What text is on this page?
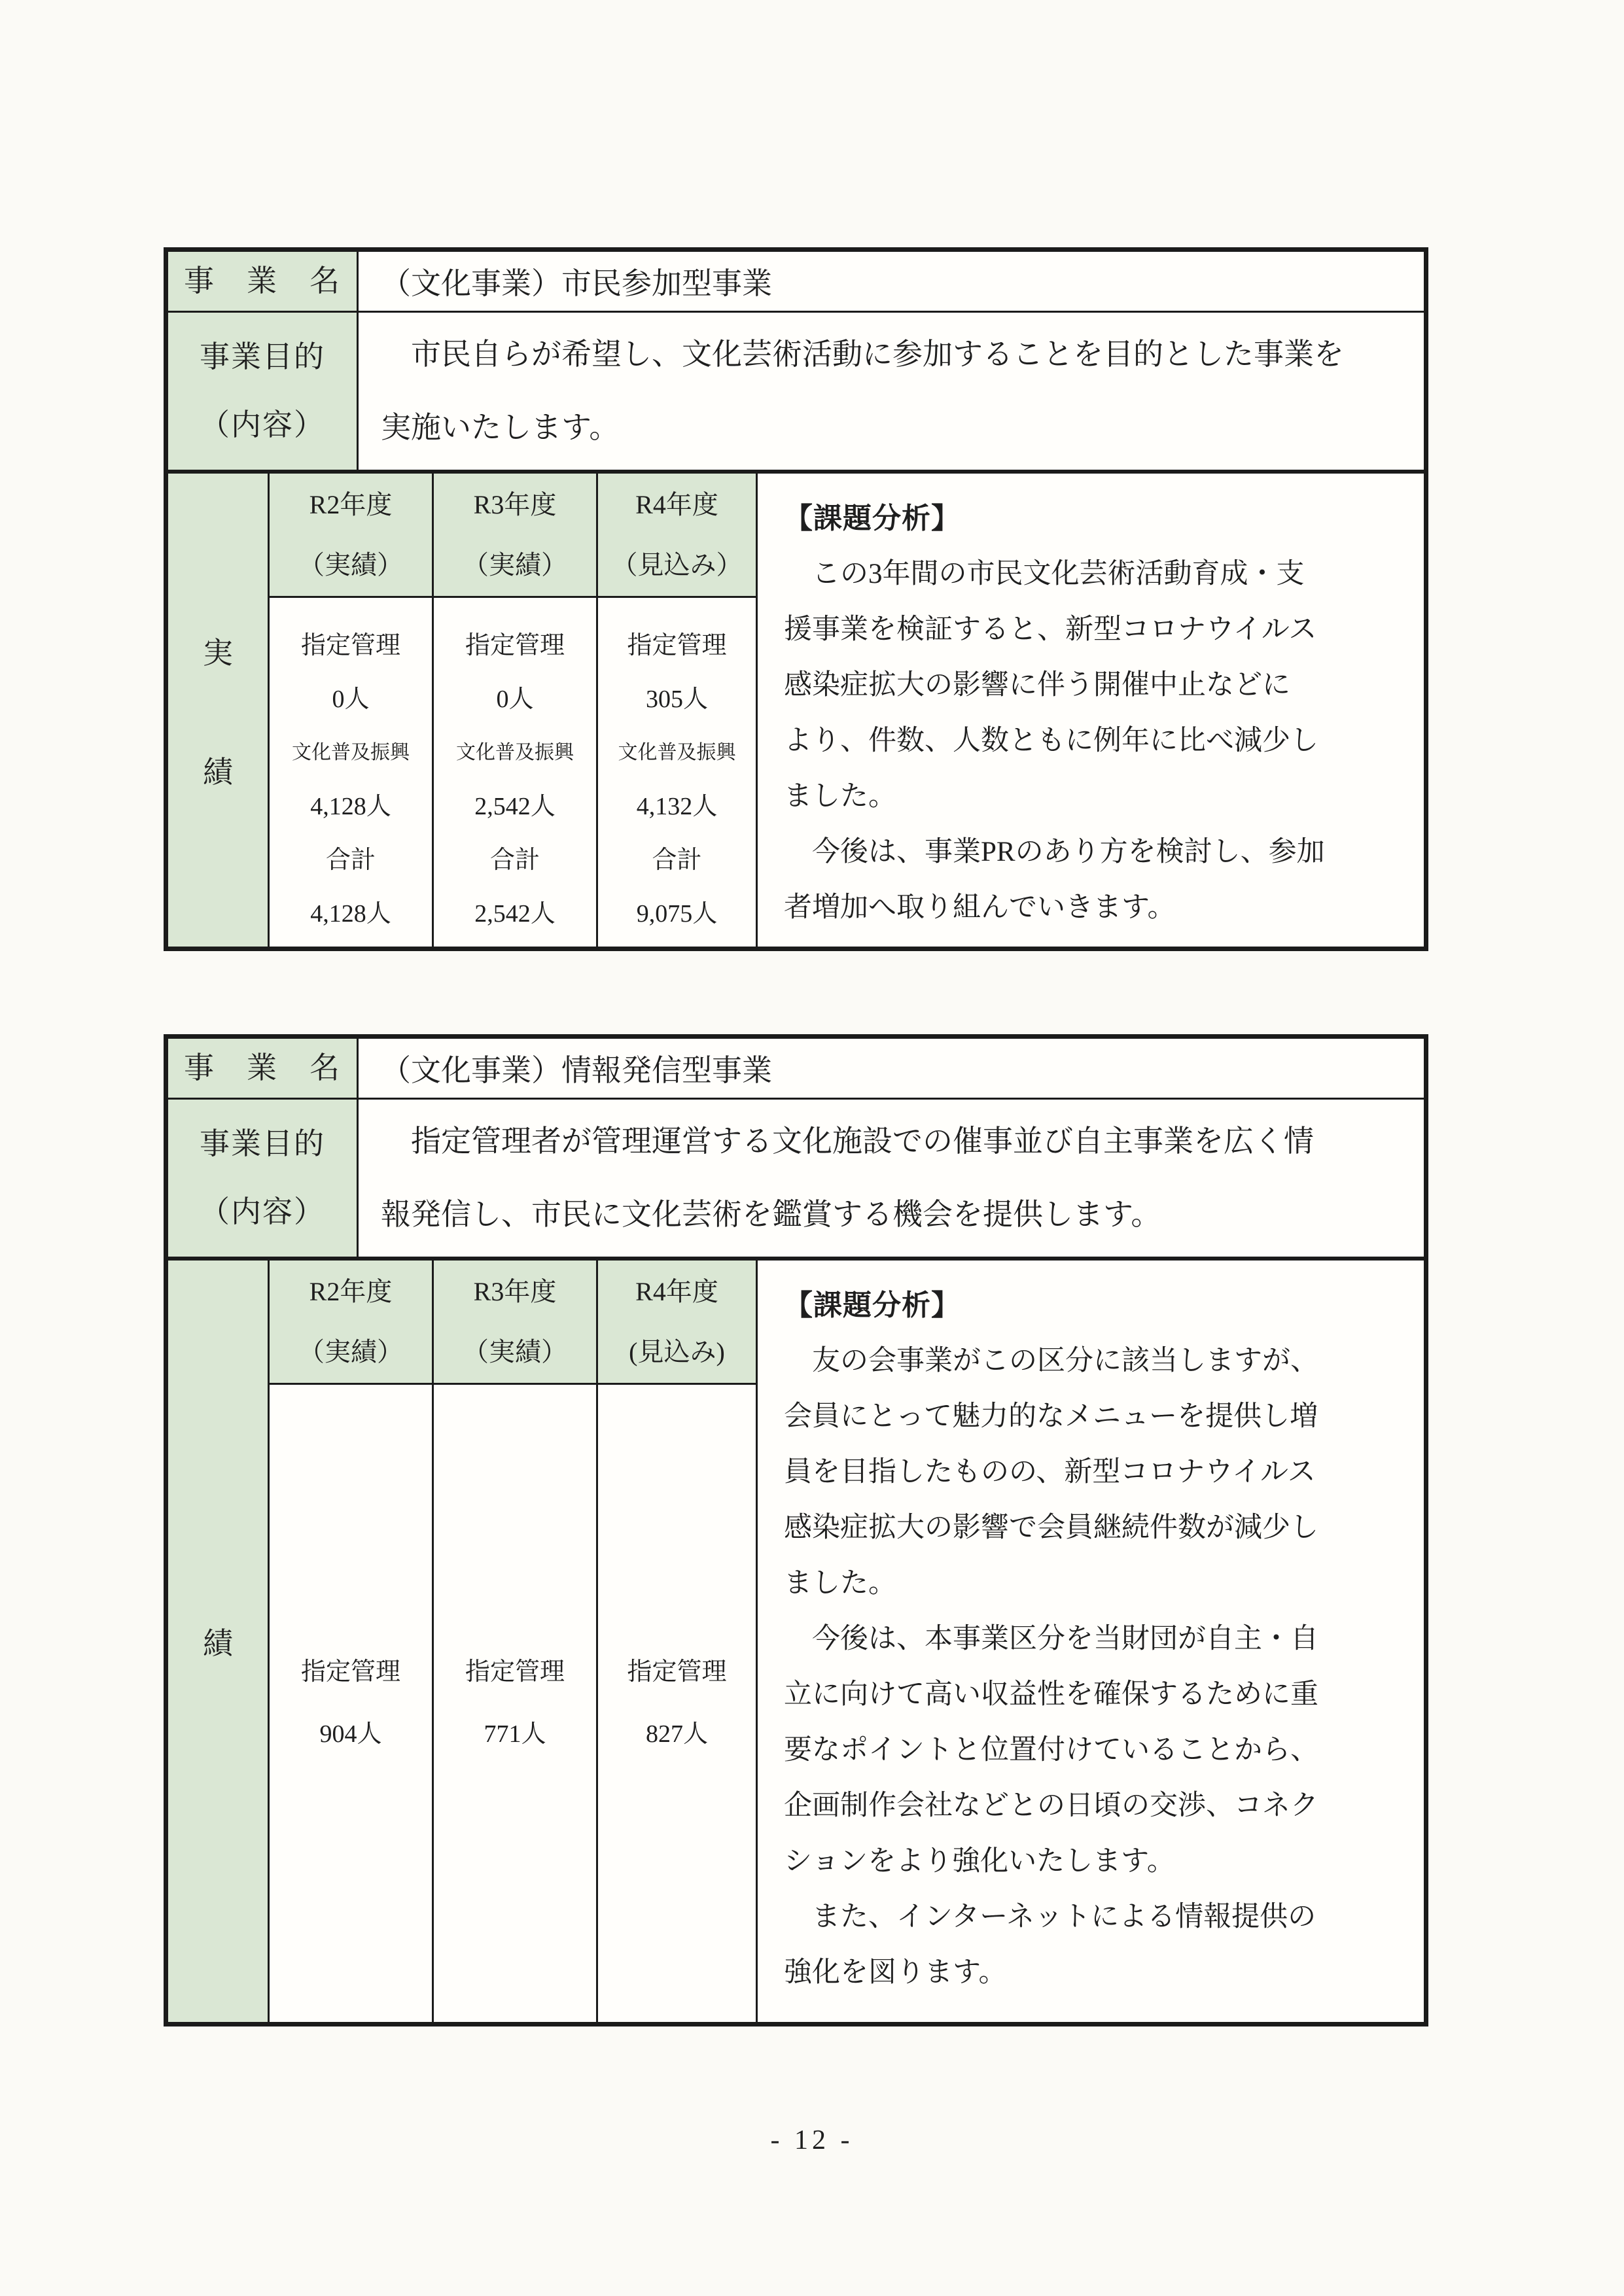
事　業　名	（文化事業）市民参加型事業
事業目的
（内容）
　市民自らが希望し、文化芸術活動に参加することを目的とした事業を
実施いたします。
実
績
R2年度
（実績）
指定管理
0人
文化普及振興
4,128人
合計
4,128人
R3年度
（実績）
指定管理
0人
文化普及振興
2,542人
合計
2,542人
R4年度
（見込み）
指定管理
305人
文化普及振興
4,132人
合計
9,075人
【課題分析】
　この3年間の市民文化芸術活動育成・支
援事業を検証すると、新型コロナウイルス
感染症拡大の影響に伴う開催中止などに
より、件数、人数ともに例年に比べ減少し
ました。
　今後は、事業PRのあり方を検討し、参加
者増加へ取り組んでいきます。
事　業　名	（文化事業）情報発信型事業
事業目的
（内容）
　指定管理者が管理運営する文化施設での催事並び自主事業を広く情
報発信し、市民に文化芸術を鑑賞する機会を提供します。
績
R2年度
（実績）
指定管理
904人
R3年度
（実績）
指定管理
771人
R4年度
(見込み)
指定管理
827人
【課題分析】
　友の会事業がこの区分に該当しますが、
会員にとって魅力的なメニューを提供し増
員を目指したものの、新型コロナウイルス
感染症拡大の影響で会員継続件数が減少し
ました。
　今後は、本事業区分を当財団が自主・自
立に向けて高い収益性を確保するために重
要なポイントと位置付けていることから、
企画制作会社などとの日頃の交渉、コネク
ションをより強化いたします。
　また、インターネットによる情報提供の
強化を図ります。
- 12 -
